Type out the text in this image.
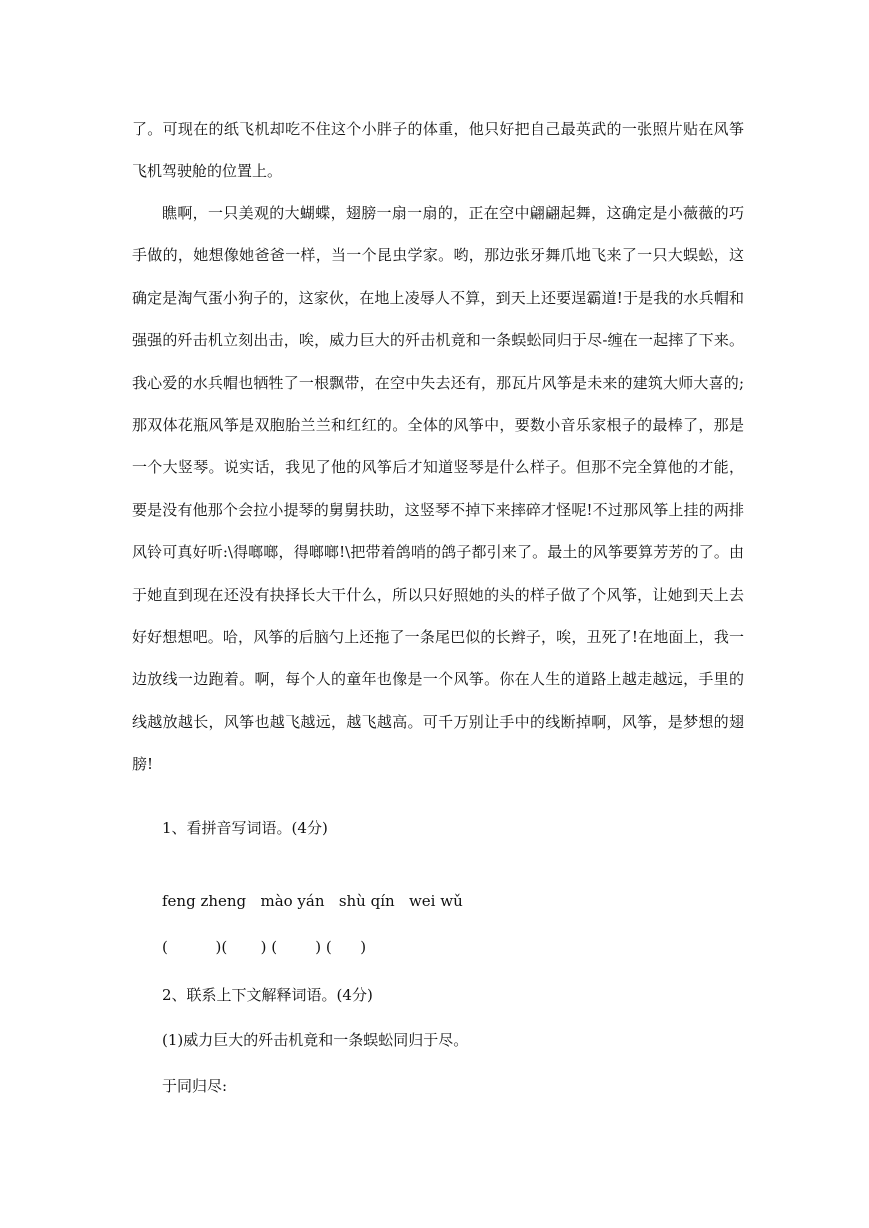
了。可现在的纸飞机却吃不住这个小胖子的体重，他只好把自己最英武的一张照片贴在风筝飞机驾驶舱的位置上。

瞧啊，一只美观的大蝴蝶，翅膀一扇一扇的，正在空中翩翩起舞，这确定是小薇薇的巧手做的，她想像她爸爸一样，当一个昆虫学家。哟，那边张牙舞爪地飞来了一只大蜈蚣，这确定是淘气蛋小狗子的，这家伙，在地上凌辱人不算，到天上还要逞霸道!于是我的水兵帽和强强的歼击机立刻出击，唉，威力巨大的歼击机竟和一条蜈蚣同归于尽-缠在一起摔了下来。我心爱的水兵帽也牺牲了一根飘带，在空中失去还有，那瓦片风筝是未来的建筑大师大喜的;那双体花瓶风筝是双胞胎兰兰和红红的。全体的风筝中，要数小音乐家根子的最棒了，那是一个大竖琴。说实话，我见了他的风筝后才知道竖琴是什么样子。但那不完全算他的才能，要是没有他那个会拉小提琴的舅舅扶助，这竖琴不掉下来摔碎才怪呢!不过那风筝上挂的两排风铃可真好听:\得啷啷，得啷啷!\把带着鸽哨的鸽子都引来了。最土的风筝要算芳芳的了。由于她直到现在还没有抉择长大干什么，所以只好照她的头的样子做了个风筝，让她到天上去好好想想吧。哈，风筝的后脑勺上还拖了一条尾巴似的长辫子，唉，丑死了!在地面上，我一边放线一边跑着。啊，每个人的童年也像是一个风筝。你在人生的道路上越走越远，手里的线越放越长，风筝也越飞越远，越飞越高。可千万别让手中的线断掉啊，风筝，是梦想的翅膀!

1、看拼音写词语。(4分)

feng zheng   mào yán   shù qín   wei wǔ

(          )(       ) (        ) (      )

2、联系上下文解释词语。(4分)

(1)威力巨大的歼击机竟和一条蜈蚣同归于尽。

于同归尽:
